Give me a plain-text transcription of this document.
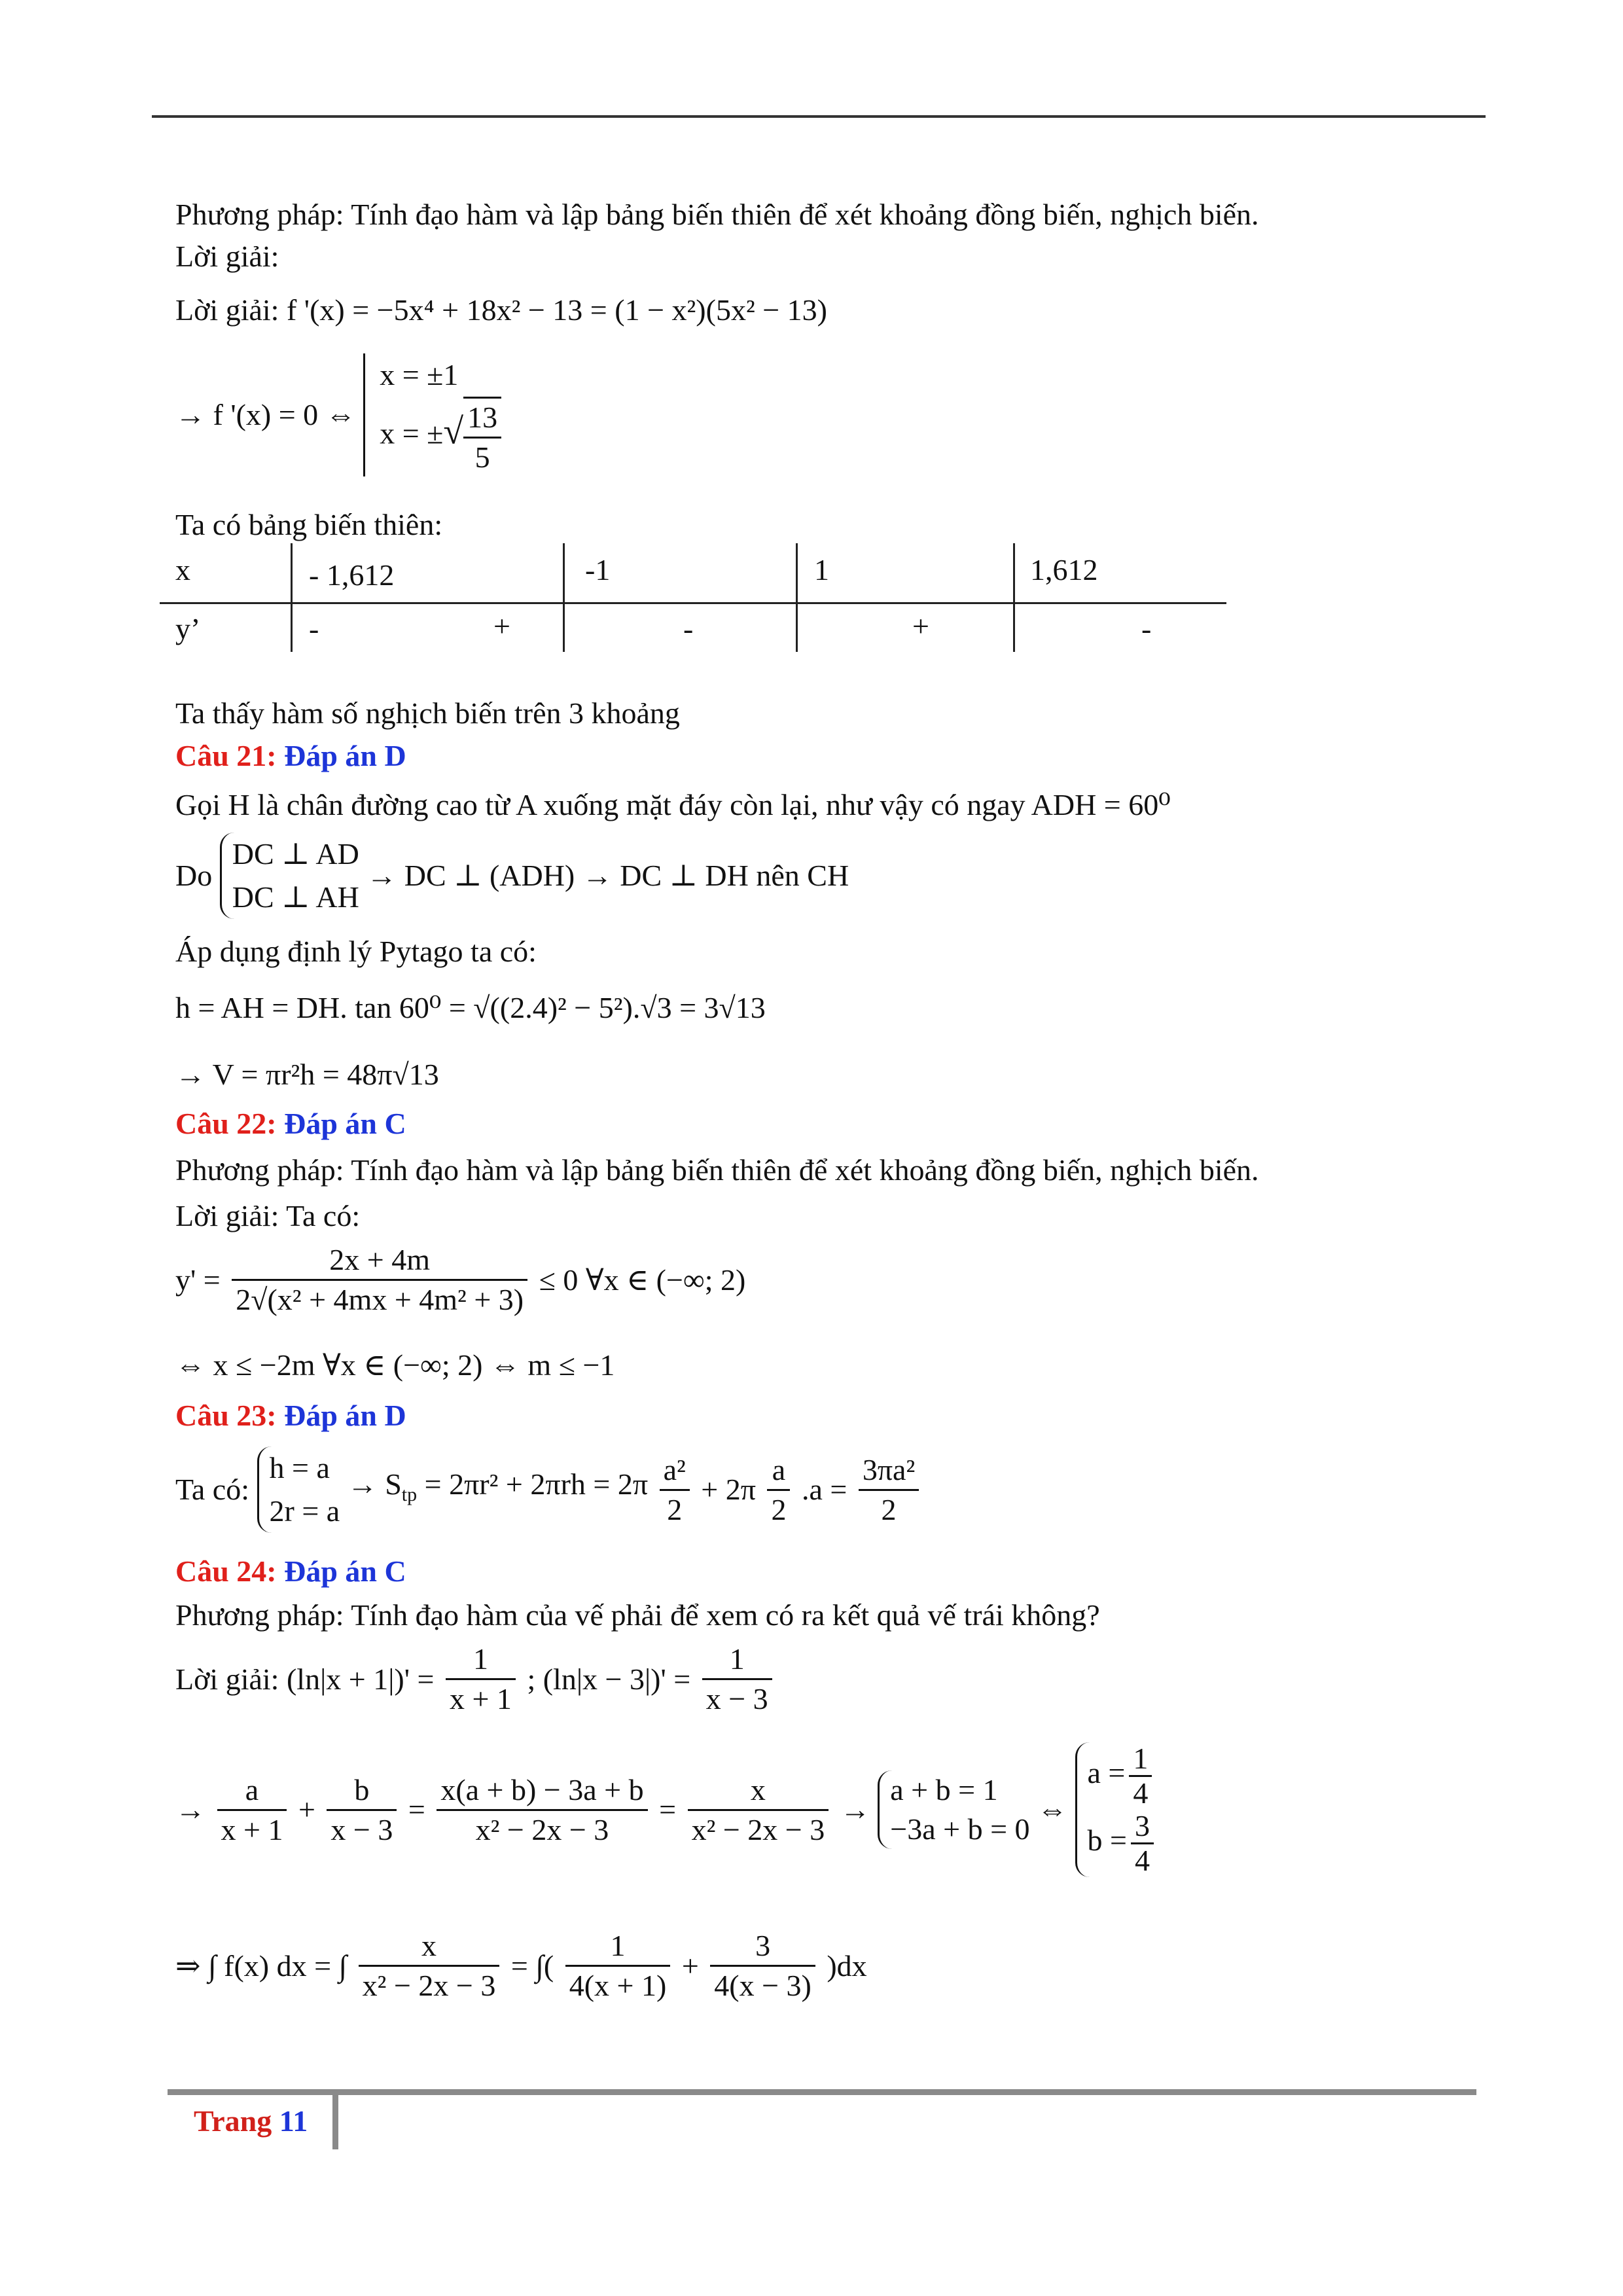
Phương pháp: Tính đạo hàm và lập bảng biến thiên để xét khoảng đồng biến, nghịch biến.
Lời giải:
Lời giải: f '(x) = −5x⁴ + 18x² − 13 = (1 − x²)(5x² − 13)
→ f '(x) = 0 ⇔
x = ±1
x = ±√ $\frac{13}{5}$
Ta có bảng biến thiên:
x	- 1,612	-1	1	1,612
y’	-	+	-	+	-
Ta thấy hàm số nghịch biến trên 3 khoảng
Câu 21: Đáp án D
Gọi H là chân đường cao từ A xuống mặt đáy còn lại, như vậy có ngay ADH = 60⁰
Do
DC ⊥ AD
DC ⊥ AH
→ DC ⊥ (ADH) → DC ⊥ DH nên CH
Áp dụng định lý Pytago ta có:
h = AH = DH. tan 60⁰ = √((2.4)² − 5²).√3 = 3√13
→ V = πr²h = 48π√13
Câu 22: Đáp án C
Phương pháp: Tính đạo hàm và lập bảng biến thiên để xét khoảng đồng biến, nghịch biến.
Lời giải: Ta có:
$y' = \frac{2x + 4m}{\text{2√(x² + 4mx + 4m² + 3)}} \le 0$ ∀x ∈ (−∞; 2)
⇔ x ≤ −2m ∀x ∈ (−∞; 2) ⇔ m ≤ −1
Câu 23: Đáp án D
Ta có:
h = a
2r = a
→ $S_{tp} = 2\pi r^2 + 2\pi rh = 2\pi \frac{\text{a²}}{2} + 2\pi \frac{a}{2} .a = \frac{\text{3πa²}}{2}$
Câu 24: Đáp án C
Phương pháp: Tính đạo hàm của vế phải để xem có ra kết quả vế trái không?
Lời giải: $(\ln|x + 1|)' = \frac{1}{x + 1}$ ; $(\ln|x - 3|)' = \frac{1}{x - 3}$
→ $\frac{a}{x + 1} + \frac{b}{x - 3} = \frac{x(a + b) - 3a + b}{\text{x² − 2x − 3}} = \frac{x}{\text{x² − 2x − 3}}$ →
a + b = 1
−3a + b = 0
⇔
$a = \frac{1}{4}$
$b = \frac{3}{4}$
⇒ ∫ f(x) dx = ∫ $\frac{x}{\text{x² − 2x − 3}}$ = ∫( $\frac{1}{4(x + 1)} + \frac{3}{4(x - 3)} )dx$
Trang 11
